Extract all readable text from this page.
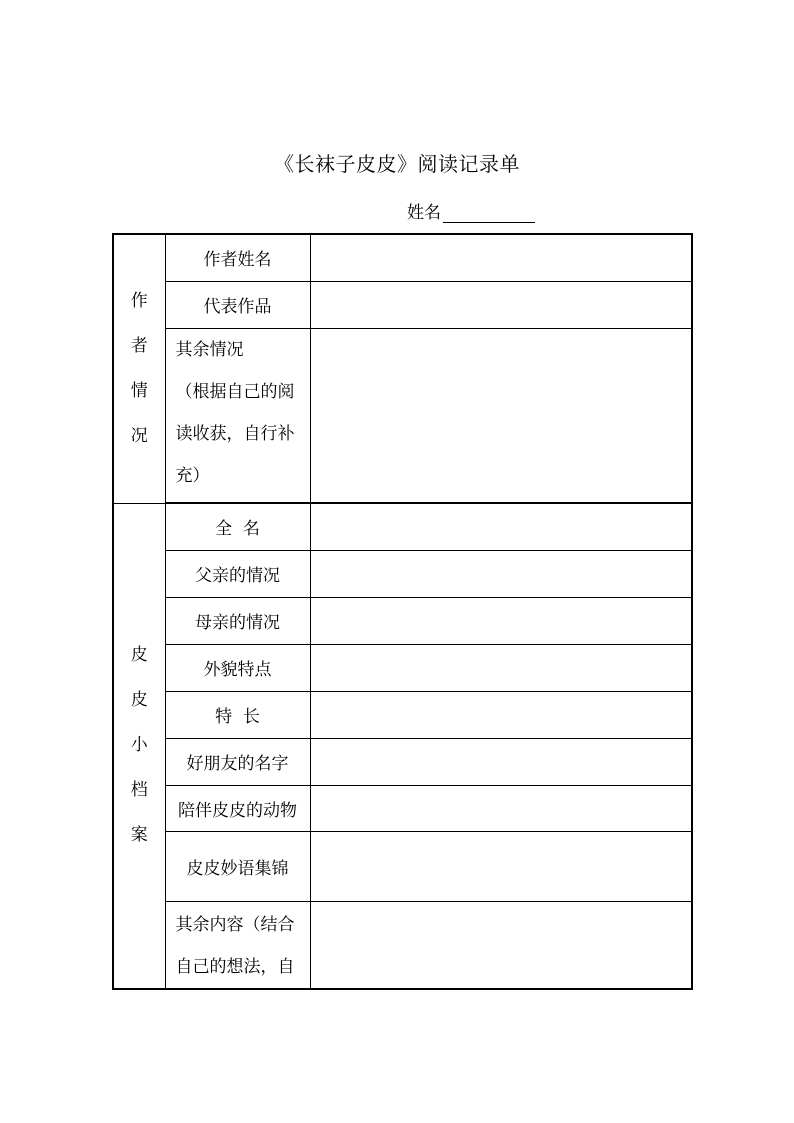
《长袜子皮皮》阅读记录单
姓名
作
者
情
况	作者姓名	
	代表作品	

	其余情况
（根据自己的阅
读收获，自行补
充）	

皮
皮
小
档
案	全  名	
	父亲的情况	
	母亲的情况	
	外貌特点	
	特  长	
	好朋友的名字	
	陪伴皮皮的动物	
	皮皮妙语集锦	

	其余内容（结合
自己的想法，自	
